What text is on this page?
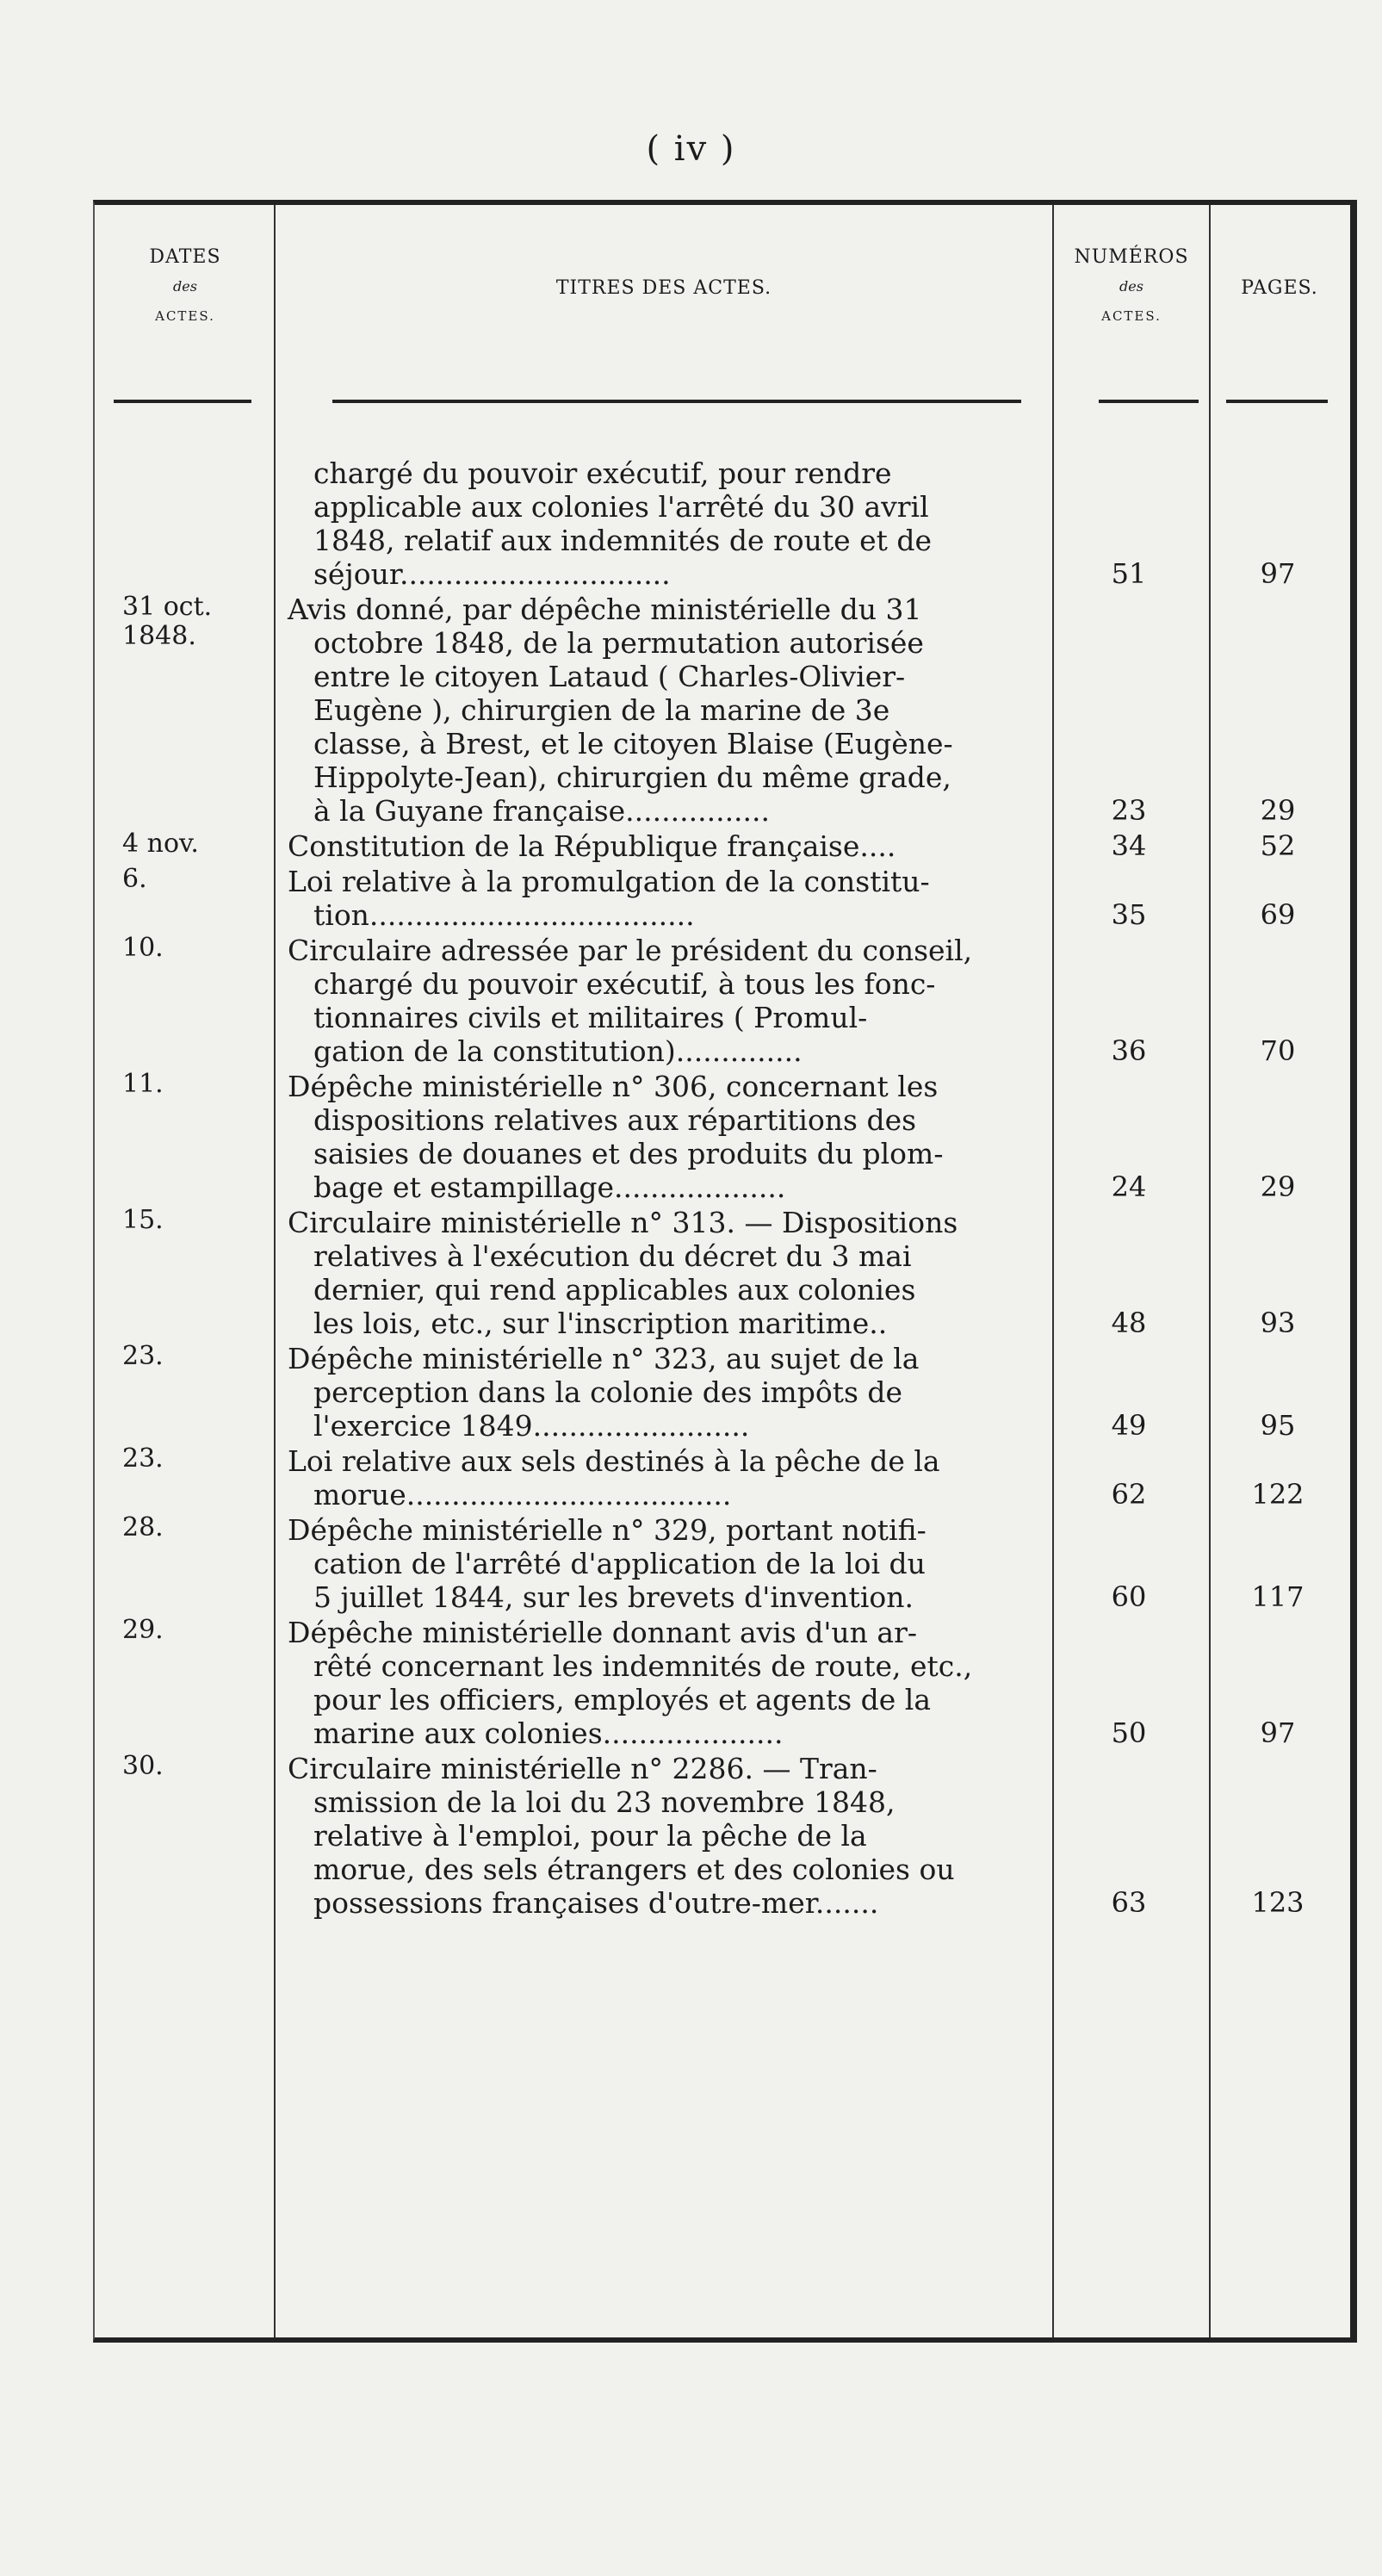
( iv )
DATES
des
ACTES.
TITRES DES ACTES.
NUMÉROS
des
ACTES.
PAGES.
chargé du pouvoir exécutif, pour rendre
applicable aux colonies l'arrêté du 30 avril
1848, relatif aux indemnités de route et de
séjour..............................	51	97
31 oct. 1848.
Avis donné, par dépêche ministérielle du 31
octobre 1848, de la permutation autorisée
entre le citoyen Lataud ( Charles-Olivier-
Eugène ), chirurgien de la marine de 3e
classe, à Brest, et le citoyen Blaise (Eugène-
Hippolyte-Jean), chirurgien du même grade,
à la Guyane française................	23	29
4 nov.	Constitution de la République française....	34	52
6.	Loi relative à la promulgation de la constitu-
tion....................................	35	69
10.	Circulaire adressée par le président du conseil,
chargé du pouvoir exécutif, à tous les fonc-
tionnaires civils et militaires ( Promul-
gation de la constitution)..............	36	70
11.	Dépêche ministérielle n° 306, concernant les
dispositions relatives aux répartitions des
saisies de douanes et des produits du plom-
bage et estampillage...................	24	29
15.	Circulaire ministérielle n° 313. — Dispositions
relatives à l'exécution du décret du 3 mai
dernier, qui rend applicables aux colonies
les lois, etc., sur l'inscription maritime..	48	93
23.	Dépêche ministérielle n° 323, au sujet de la
perception dans la colonie des impôts de
l'exercice 1849........................	49	95
23.	Loi relative aux sels destinés à la pêche de la
morue....................................	62	122
28.	Dépêche ministérielle n° 329, portant notifi-
cation de l'arrêté d'application de la loi du
5 juillet 1844, sur les brevets d'invention.	60	117
29.	Dépêche ministérielle donnant avis d'un ar-
rêté concernant les indemnités de route, etc.,
pour les officiers, employés et agents de la
marine aux colonies....................	50	97
30.	Circulaire ministérielle n° 2286. — Tran-
smission de la loi du 23 novembre 1848,
relative à l'emploi, pour la pêche de la
morue, des sels étrangers et des colonies ou
possessions françaises d'outre-mer.......	63	123
